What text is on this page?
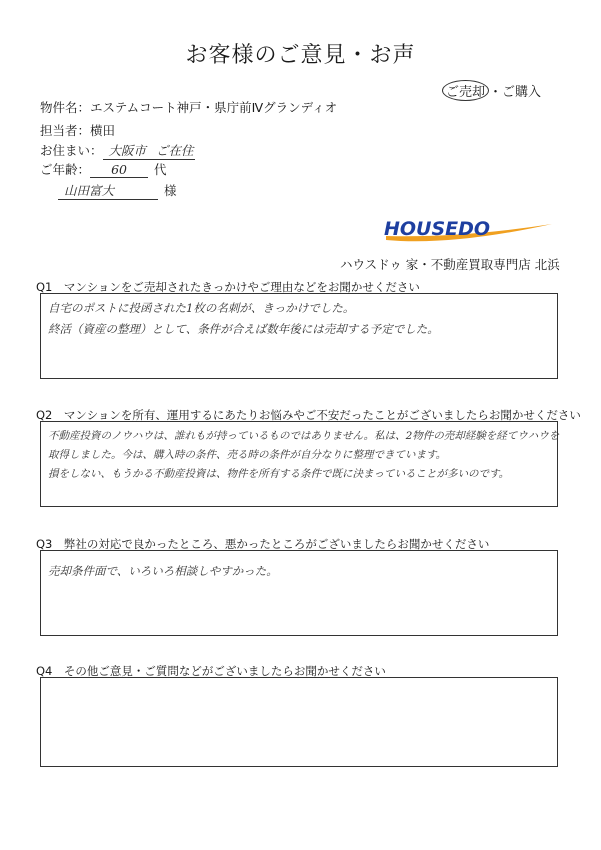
お客様のご意見・お声
ご売却 ・ご購入
物件名：エステムコート神戸・県庁前Ⅳグランディオ
担当者：横田
お住まい： 大阪市 ご在住
ご年齢： 60 代
山田富大	様
HOUSEDO
ハウスドゥ 家・不動産買取専門店 北浜
Q1　マンションをご売却されたきっかけやご理由などをお聞かせください
自宅のポストに投函された1枚の名刺が、きっかけでした。
終活（資産の整理）として、条件が合えば数年後には売却する予定でした。
Q2　マンションを所有、運用するにあたりお悩みやご不安だったことがございましたらお聞かせください
不動産投資のノウハウは、誰れもが持っているものではありません。私は、2物件の売却経験を経てウハウを
取得しました。今は、購入時の条件、売る時の条件が自分なりに整理できています。
損をしない、もうかる不動産投資は、物件を所有する条件で既に決まっていることが多いのです。
Q3　弊社の対応で良かったところ、悪かったところがございましたらお聞かせください
売却条件面で、いろいろ相談しやすかった。
Q4　その他ご意見・ご質問などがございましたらお聞かせください
